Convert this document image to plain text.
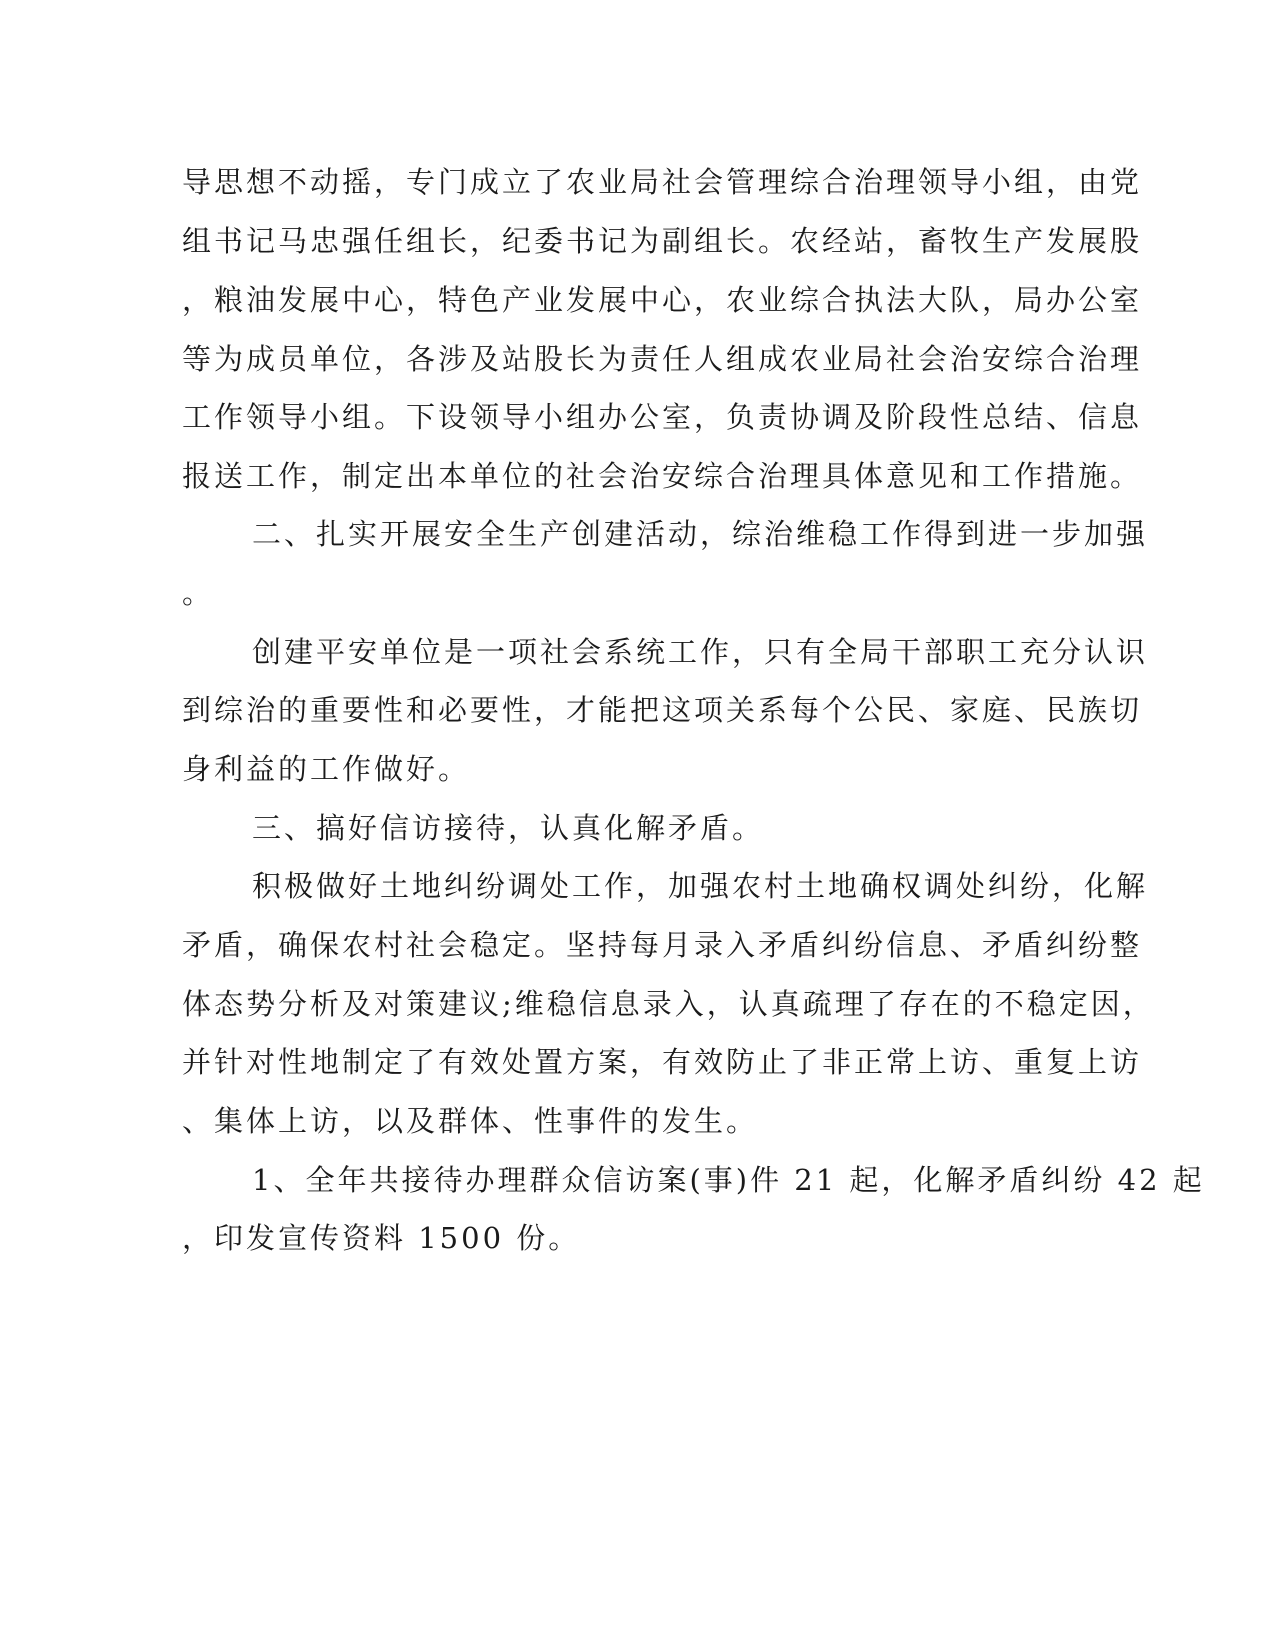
导思想不动摇，专门成立了农业局社会管理综合治理领导小组，由党
组书记马忠强任组长，纪委书记为副组长。农经站，畜牧生产发展股
，粮油发展中心，特色产业发展中心，农业综合执法大队，局办公室
等为成员单位，各涉及站股长为责任人组成农业局社会治安综合治理
工作领导小组。下设领导小组办公室，负责协调及阶段性总结、信息
报送工作，制定出本单位的社会治安综合治理具体意见和工作措施。
二、扎实开展安全生产创建活动，综治维稳工作得到进一步加强
。
创建平安单位是一项社会系统工作，只有全局干部职工充分认识
到综治的重要性和必要性，才能把这项关系每个公民、家庭、民族切
身利益的工作做好。
三、搞好信访接待，认真化解矛盾。
积极做好土地纠纷调处工作，加强农村土地确权调处纠纷，化解
矛盾，确保农村社会稳定。坚持每月录入矛盾纠纷信息、矛盾纠纷整
体态势分析及对策建议;维稳信息录入，认真疏理了存在的不稳定因，
并针对性地制定了有效处置方案，有效防止了非正常上访、重复上访
、集体上访，以及群体、性事件的发生。
1、全年共接待办理群众信访案(事)件 21 起，化解矛盾纠纷 42 起
，印发宣传资料 1500 份。
